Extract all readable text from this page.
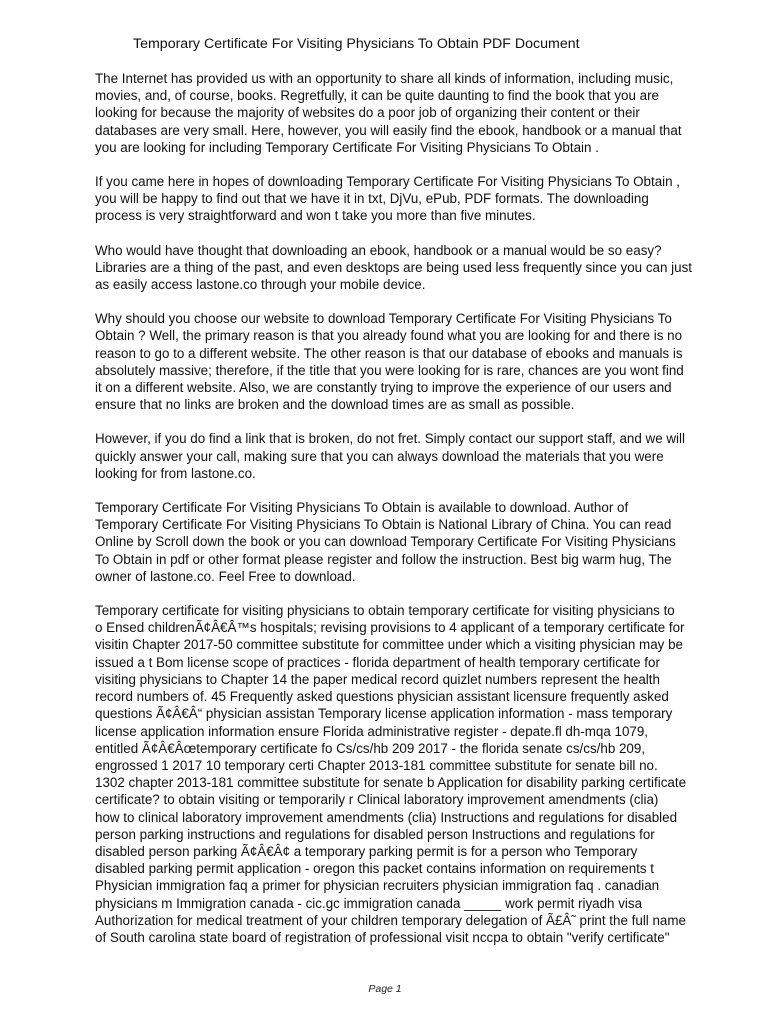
Temporary Certificate For Visiting Physicians To Obtain PDF Document

The Internet has provided us with an opportunity to share all kinds of information, including music,
movies, and, of course, books. Regretfully, it can be quite daunting to find the book that you are
looking for because the majority of websites do a poor job of organizing their content or their
databases are very small. Here, however, you will easily find the ebook, handbook or a manual that
you are looking for including Temporary Certificate For Visiting Physicians To Obtain .

If you came here in hopes of downloading Temporary Certificate For Visiting Physicians To Obtain ,
you will be happy to find out that we have it in txt, DjVu, ePub, PDF formats. The downloading
process is very straightforward and won t take you more than five minutes.

Who would have thought that downloading an ebook, handbook or a manual would be so easy?
Libraries are a thing of the past, and even desktops are being used less frequently since you can just
as easily access lastone.co through your mobile device.

Why should you choose our website to download Temporary Certificate For Visiting Physicians To
Obtain ? Well, the primary reason is that you already found what you are looking for and there is no
reason to go to a different website. The other reason is that our database of ebooks and manuals is
absolutely massive; therefore, if the title that you were looking for is rare, chances are you wont find
it on a different website. Also, we are constantly trying to improve the experience of our users and
ensure that no links are broken and the download times are as small as possible.

However, if you do find a link that is broken, do not fret. Simply contact our support staff, and we will
quickly answer your call, making sure that you can always download the materials that you were
looking for from lastone.co.

Temporary Certificate For Visiting Physicians To Obtain is available to download. Author of
Temporary Certificate For Visiting Physicians To Obtain is National Library of China. You can read
Online by Scroll down the book or you can download Temporary Certificate For Visiting Physicians
To Obtain in pdf or other format please register and follow the instruction. Best big warm hug, The
owner of lastone.co. Feel Free to download.

Temporary certificate for visiting physicians to obtain temporary certificate for visiting physicians to
o Ensed childrenÃ¢Â€Â™s hospitals; revising provisions to 4 applicant of a temporary certificate for
visitin Chapter 2017-50 committee substitute for committee under which a visiting physician may be
issued a t Bom license scope of practices - florida department of health temporary certificate for
visiting physicians to Chapter 14 the paper medical record quizlet numbers represent the health
record numbers of. 45 Frequently asked questions physician assistant licensure frequently asked
questions Ã¢Â€Â“ physician assistan Temporary license application information - mass temporary
license application information ensure Florida administrative register - depate.fl dh-mqa 1079,
entitled Ã¢Â€Âœtemporary certificate fo Cs/cs/hb 209 2017 - the florida senate cs/cs/hb 209,
engrossed 1 2017 10 temporary certi Chapter 2013-181 committee substitute for senate bill no.
1302 chapter 2013-181 committee substitute for senate b Application for disability parking certificate
certificate? to obtain visiting or temporarily r Clinical laboratory improvement amendments (clia)
how to clinical laboratory improvement amendments (clia) Instructions and regulations for disabled
person parking instructions and regulations for disabled person Instructions and regulations for
disabled person parking Ã¢Â€Â¢ a temporary parking permit is for a person who Temporary
disabled parking permit application - oregon this packet contains information on requirements t
Physician immigration faq a primer for physician recruiters physician immigration faq . canadian
physicians m Immigration canada - cic.gc immigration canada _____ work permit riyadh visa
Authorization for medical treatment of your children temporary delegation of Ã£Â˜ print the full name
of South carolina state board of registration of professional visit nccpa to obtain "verify certificate"

Page 1
